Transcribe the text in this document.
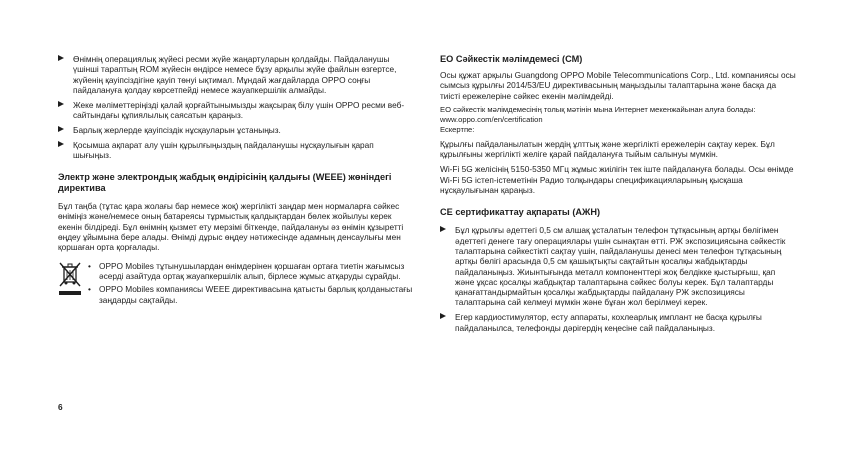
Өнімнің операциялық жүйесі ресми жүйе жаңартуларын қолдайды. Пайдаланушы үшінші тараптың ROM жүйесін өндірсе немесе бұзу арқылы жүйе файлын өзгертсе, жүйенің қауіпсіздігіне қауіп төнуі ықтимал. Мұндай жағдайларда OPPO соңғы пайдалануға қолдау көрсетпейді немесе жауапкершілік алмайды.
Жеке мәліметтеріңізді қалай қорғайтынымызды жақсырақ білу үшін OPPO ресми веб-сайтындағы құпиялылық саясатын қараңыз.
Барлық жерлерде қауіпсіздік нұсқауларын ұстаныңыз.
Қосымша ақпарат алу үшін құрылғыңыздың пайдаланушы нұсқаулығын қарап шығыңыз.
Электр және электрондық жабдық өндірісінің қалдығы (WEEE) жөніндегі директива

Бұл таңба (тұтас қара жолағы бар немесе жоқ) жергілікті заңдар мен нормаларға сәйкес өніміңіз және/немесе оның батареясы тұрмыстық қалдықтардан бөлек жойылуы керек екенін білдіреді. Бұл өнімнің қызмет ету мерзімі біткенде, пайдалануы әз өнімін құзыретті өңдеу ұйымына бере алады. Өнімді дұрыс өңдеу нәтижесінде адамның денсаулығы мен қоршаған орта қорғалады.

• OPPO Mobiles тұтынушылардан өнімдерінен қоршаған ортаға тиетін жағымсыз әсерді азайтуда ортақ жауапкершілік алып, бірлесе жұмыс атқаруды сұрайды.
• OPPO Mobiles компаниясы WEEE директивасына қатысты барлық қолданыстағы заңдарды сақтайды.
ЕО Сәйкестік мәлімдемесі (СМ)

Осы құжат арқылы Guangdong OPPO Mobile Telecommunications Corp., Ltd. компаниясы осы сымсыз құрылғы 2014/53/EU директивасының маңыздылы талаптарына және басқа да тиісті ережелеріне сәйкес екенін мәлімдейді.

ЕО сәйкестік мәлімдемесінің толық мәтінін мына Интернет мекенжайынан алуға болады: www.oppo.com/en/certification

Ескертпе:

Құрылғы пайдаланылатын жердің ұлттық және жергілікті ережелерін сақтау керек. Бұл құрылғыны жергілікті желіге қарай пайдалануға тыйым салынуы мүмкін.

Wi-Fi 5G желісінің 5150-5350 МГц жұмыс жиілігін тек іште пайдалануға болады. Осы өнімде Wi-Fi 5G істеп-істеметінін Радио толқындары спецификацияларының қысқаша нұсқаулығынан қараңыз.

СЕ сертификаттау ақпараты (АЖН)
Бұл құрылғы әдеттегі 0,5 см алшақ ұсталатын телефон тұтқасының артқы бөлігімен әдеттегі денеге тағу операциялары үшін сынақтан өтті. РЖ экспозициясына сәйкестік талаптарына сәйкестікті сақтау үшін, пайдаланушы денесі мен телефон тұтқасының артқы бөлігі арасында 0,5 см қашықтықты сақтайтын қосалқы жабдықтарды пайдаланыңыз. Жиынтығында металл компоненттері жоқ белдікке қыстырғыш, қап және ұқсас қосалқы жабдықтар талаптарына сәйкес болуы керек. Бұл талаптарды қанағаттандырмайтын қосалқы жабдықтарды пайдалану РЖ экспозициясы талаптарына сай келмеуі мүмкін және бұған жол берілмеуі керек.
Егер кардиостимулятор, есту аппараты, кохлеарлық имплант не басқа құрылғы пайдаланылса, телефонды дәрігердің кеңесіне сай пайдаланыңыз.
6
